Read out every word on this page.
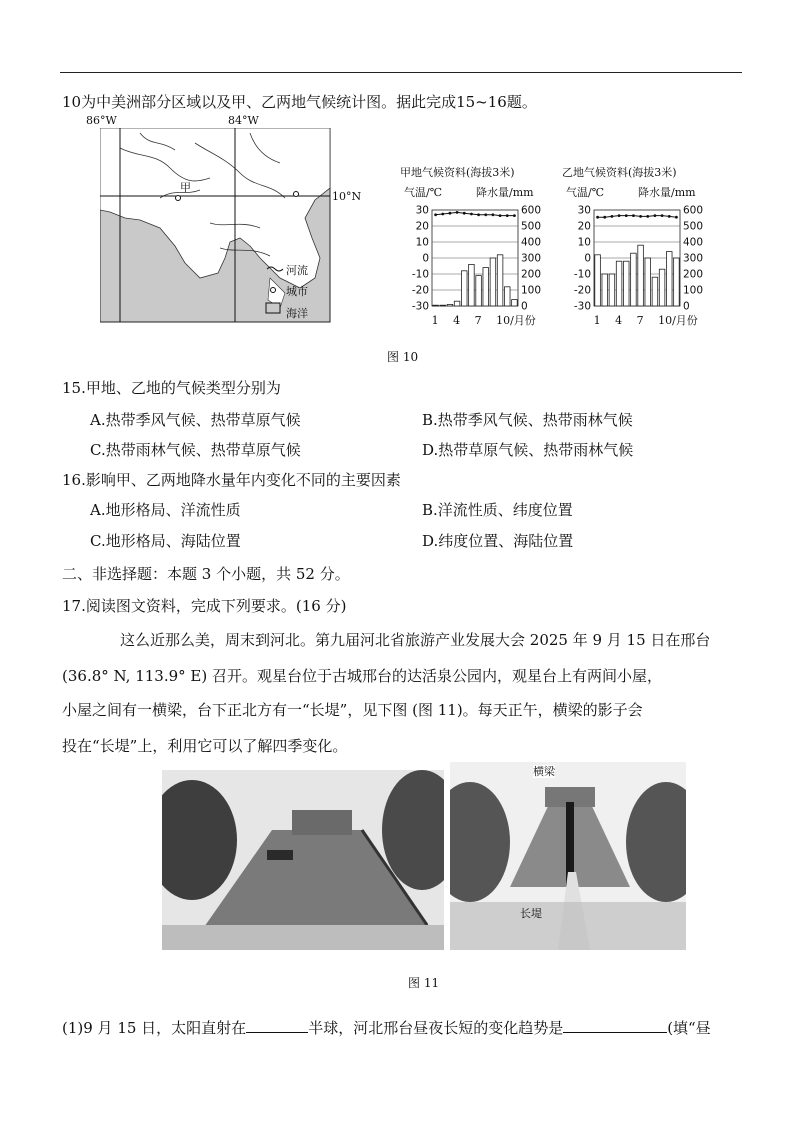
10为中美洲部分区域以及甲、乙两地气候统计图。据此完成15~16题。
86°W	84°W
甲
10°N
河流
城市
海洋
甲地气候资料(海拔3米)
气温/℃	降水量/mm
30
20
10
0
-10
-20
-30
600
500
400
300
200
100
0
1 4 7 10/月份
乙地气候资料(海拔3米)
气温/℃	降水量/mm
30
20
10
0
-10
-20
-30
600
500
400
300
200
100
0
1 4 7 10/月份
图 10
15.甲地、乙地的气候类型分别为
A.热带季风气候、热带草原气候	B.热带季风气候、热带雨林气候
C.热带雨林气候、热带草原气候	D.热带草原气候、热带雨林气候
16.影响甲、乙两地降水量年内变化不同的主要因素
A.地形格局、洋流性质	B.洋流性质、纬度位置
C.地形格局、海陆位置	D.纬度位置、海陆位置
二、非选择题：本题 3 个小题，共 52 分。
17.阅读图文资料，完成下列要求。(16 分)
这么近那么美，周末到河北。第九届河北省旅游产业发展大会 2025 年 9 月 15 日在邢台
(36.8° N, 113.9° E) 召开。观星台位于古城邢台的达活泉公园内，观星台上有两间小屋，
小屋之间有一横梁，台下正北方有一“长堤”，见下图 (图 11)。每天正午，横梁的影子会
投在“长堤”上，利用它可以了解四季变化。
横梁
长堤
图 11
(1)9 月 15 日，太阳直射在	半球，河北邢台昼夜长短的变化趋势是	(填“昼
